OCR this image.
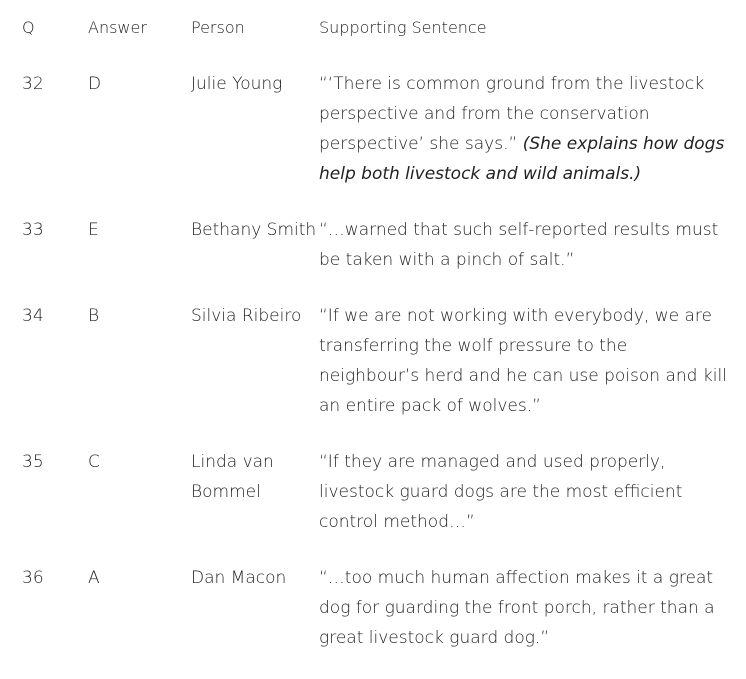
Q	Answer	Person	Supporting Sentence
32	D	Julie Young	“‘There is common ground from the livestock perspective and from the conservation perspective’ she says.” (She explains how dogs help both livestock and wild animals.)
33	E	Bethany Smith	“…warned that such self-reported results must be taken with a pinch of salt.”
34	B	Silvia Ribeiro	“If we are not working with everybody, we are transferring the wolf pressure to the neighbour’s herd and he can use poison and kill an entire pack of wolves.”
35	C	Linda van Bommel	“If they are managed and used properly, livestock guard dogs are the most efficient control method…”
36	A	Dan Macon	“…too much human affection makes it a great dog for guarding the front porch, rather than a great livestock guard dog.”
